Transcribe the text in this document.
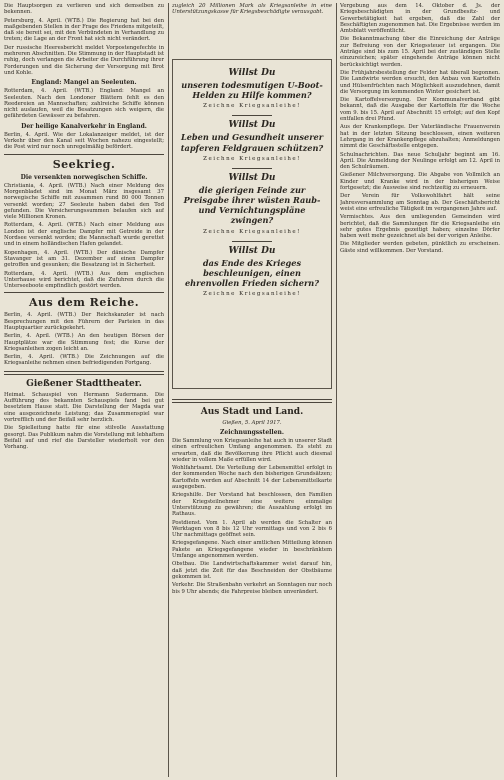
Die Hauptsorgen zu verlieren und sich demselben zu bekennen.

Petersburg, 4. April. (WTB.) Die Regierung hat bei den maßgebenden Stellen in der Frage des Friedens mitgeteilt, daß sie bereit sei, mit den Verbündeten in Verhandlung zu treten; die Lage an der Front hat sich nicht verändert.

Der russische Heeresbericht meldet Vorpostengefechte in mehreren Abschnitten. Die Stimmung in der Hauptstadt ist ruhig, doch verlangen die Arbeiter die Durchführung ihrer Forderungen und die Sicherung der Versorgung mit Brot und Kohle.

England: Mangel an Seeleuten.

Rotterdam, 4. April. (WTB.) England: Mangel an Seeleuten. Nach den Londoner Blättern fehlt es den Reedereien an Mannschaften; zahlreiche Schiffe können nicht auslaufen, weil die Besatzungen sich weigern, die gefährdeten Gewässer zu befahren.

Der heilige Kanalverkehr in England.

Berlin, 4. April. Wie der Lokalanzeiger meldet, ist der Verkehr über den Kanal seit Wochen nahezu eingestellt; die Post wird nur noch unregelmäßig befördert.

Seekrieg.
Die versenkten norwegischen Schiffe.

Christiania, 4. April. (WTB.) Nach einer Meldung des Morgenbladet sind im Monat März insgesamt 37 norwegische Schiffe mit zusammen rund 80 000 Tonnen versenkt worden; 27 Seeleute haben dabei den Tod gefunden. Die Versicherungssummen belaufen sich auf viele Millionen Kronen.

Rotterdam, 4. April. (WTB.) Nach einer Meldung aus London ist der englische Dampfer mit Getreide in der Nordsee versenkt worden; die Mannschaft wurde gerettet und in einem holländischen Hafen gelandet.

Kopenhagen, 4. April. (WTB.) Der dänische Dampfer Stavanger ist am 31. Dezember auf einen Dampfer getroffen und gesunken; die Besatzung ist in Sicherheit.

Rotterdam, 4. April. (WTB.) Aus dem englischen Unterhause wird berichtet, daß die Zufuhren durch die Unterseeboote empfindlich gestört werden.

Aus dem Reiche.

Berlin, 4. April. (WTB.) Der Reichskanzler ist nach Besprechungen mit den Führern der Parteien in das Hauptquartier zurückgekehrt.

Berlin, 4. April. (WTB.) An den heutigen Börsen der Hauptplätze war die Stimmung fest; die Kurse der Kriegsanleihen zogen leicht an.

Berlin, 4. April. (WTB.) Die Zeichnungen auf die Kriegsanleihe nehmen einen befriedigenden Fortgang.

Gießener Stadttheater.

Heimat. Schauspiel von Hermann Sudermann. Die Aufführung des bekannten Schauspiels fand bei gut besetztem Hause statt. Die Darstellung der Magda war eine ausgezeichnete Leistung; das Zusammenspiel war vortrefflich und der Beifall sehr herzlich.

Die Spielleitung hatte für eine stilvolle Ausstattung gesorgt. Das Publikum nahm die Vorstellung mit lebhaftem Beifall auf und rief die Darsteller wiederholt vor den Vorhang.

zugleich 20 Millionen Mark als Kriegsanleihe in eine Unterstützungskasse für Kriegsbeschädigte verausgabt.

Willst Du
unseren todesmutigen U-Boot-Helden zu Hilfe kommen?
Zeichne Kriegsanleihe!
Willst Du
Leben und Gesundheit unserer tapferen Feldgrauen schützen?
Zeichne Kriegsanleihe!
Willst Du
die gierigen Feinde zur Preisgabe ihrer wüsten Raub- und Vernichtungspläne zwingen?
Zeichne Kriegsanleihe!
Willst Du
das Ende des Krieges beschleunigen, einen ehrenvollen Frieden sichern?
Zeichne Kriegsanleihe!
Aus Stadt und Land.
Gießen, 5. April 1917.
Zeichnungsstellen.

Die Sammlung von Kriegsanleihe hat auch in unserer Stadt einen erfreulichen Umfang angenommen. Es steht zu erwarten, daß die Bevölkerung ihre Pflicht auch diesmal wieder in vollem Maße erfüllen wird.

Wohlfahrtsamt. Die Verteilung der Lebensmittel erfolgt in der kommenden Woche nach den bisherigen Grundsätzen; Kartoffeln werden auf Abschnitt 14 der Lebensmittelkarte ausgegeben.

Kriegshilfe. Der Vorstand hat beschlossen, den Familien der Kriegsteilnehmer eine weitere einmalige Unterstützung zu gewähren; die Auszahlung erfolgt im Rathaus.

Postdienst. Vom 1. April ab werden die Schalter an Werktagen von 8 bis 12 Uhr vormittags und von 2 bis 6 Uhr nachmittags geöffnet sein.

Kriegsgefangene. Nach einer amtlichen Mitteilung können Pakete an Kriegsgefangene wieder in beschränktem Umfange angenommen werden.

Obstbau. Die Landwirtschaftskammer weist darauf hin, daß jetzt die Zeit für das Beschneiden der Obstbäume gekommen ist.

Verkehr. Die Straßenbahn verkehrt an Sonntagen nur noch bis 9 Uhr abends; die Fahrpreise bleiben unverändert.

Vergebung aus dem 14. Oktober d. Js. der Kriegsbeschädigten in der Grundbesitz- und Gewerbetätigkeit hat ergeben, daß die Zahl der Beschäftigten zugenommen hat. Die Ergebnisse werden im Amtsblatt veröffentlicht.

Die Bekanntmachung über die Einreichung der Anträge zur Befreiung von der Kriegssteuer ist ergangen. Die Anträge sind bis zum 15. April bei der zuständigen Stelle einzureichen; später eingehende Anträge können nicht berücksichtigt werden.

Die Frühjahrsbestellung der Felder hat überall begonnen. Die Landwirte werden ersucht, den Anbau von Kartoffeln und Hülsenfrüchten nach Möglichkeit auszudehnen, damit die Versorgung im kommenden Winter gesichert ist.

Die Kartoffelversorgung. Der Kommunalverband gibt bekannt, daß die Ausgabe der Kartoffeln für die Woche vom 9. bis 15. April auf Abschnitt 15 erfolgt; auf den Kopf entfallen drei Pfund.

Aus der Krankenpflege. Der Vaterländische Frauenverein hat in der letzten Sitzung beschlossen, einen weiteren Lehrgang in der Krankenpflege abzuhalten; Anmeldungen nimmt die Geschäftsstelle entgegen.

Schulnachrichten. Das neue Schuljahr beginnt am 16. April. Die Anmeldung der Neulinge erfolgt am 12. April in den Schulräumen.

Gießener Milchversorgung. Die Abgabe von Vollmilch an Kinder und Kranke wird in der bisherigen Weise fortgesetzt; die Ausweise sind rechtzeitig zu erneuern.

Der Verein für Volkswohlfahrt hält seine Jahresversammlung am Sonntag ab. Der Geschäftsbericht weist eine erfreuliche Tätigkeit im vergangenen Jahre auf.

Vermischtes. Aus den umliegenden Gemeinden wird berichtet, daß die Sammlungen für die Kriegsanleihe ein sehr gutes Ergebnis gezeitigt haben; einzelne Dörfer haben weit mehr gezeichnet als bei der vorigen Anleihe.

Die Mitglieder werden gebeten, pünktlich zu erscheinen. Gäste sind willkommen. Der Vorstand.
